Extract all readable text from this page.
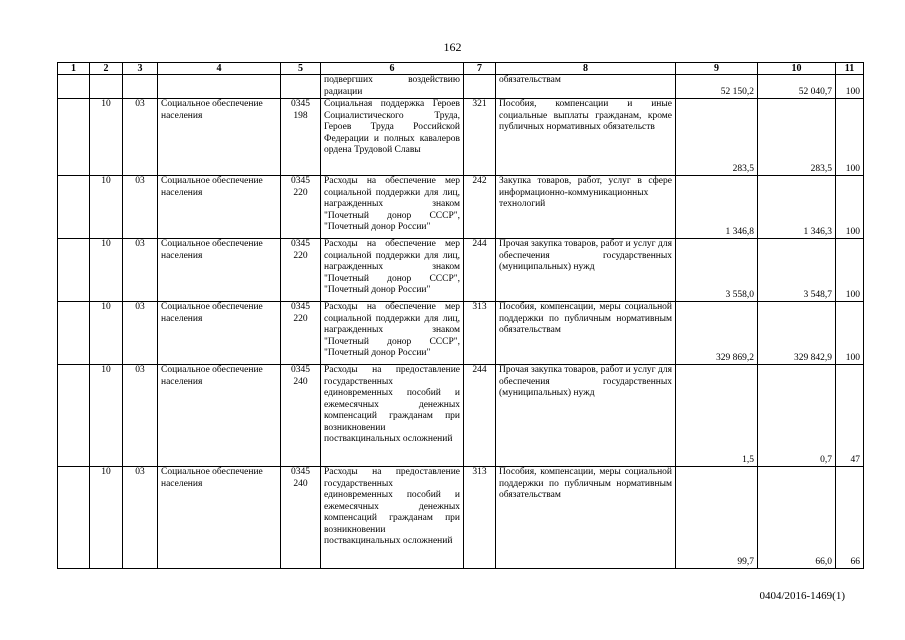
162
1	2	3	4	5	6	7	8	9	10	11
					подвергших воздействию радиации		обязательствам	52 150,2	52 040,7	100
	10	03	Социальное обеспечение населения	0345 198	Социальная поддержка Героев Социалистического Труда, Героев Труда Российской Федерации и полных кавалеров ордена Трудовой Славы	321	Пособия, компенсации и иные социальные выплаты гражданам, кроме публичных нормативных обязательств	283,5	283,5	100
	10	03	Социальное обеспечение населения	0345 220	Расходы на обеспечение мер социальной поддержки для лиц, награжденных знаком "Почетный донор СССР", "Почетный донор России"	242	Закупка товаров, работ, услуг в сфере информационно-коммуникационных технологий	1 346,8	1 346,3	100
	10	03	Социальное обеспечение населения	0345 220	Расходы на обеспечение мер социальной поддержки для лиц, награжденных знаком "Почетный донор СССР", "Почетный донор России"	244	Прочая закупка товаров, работ и услуг для обеспечения государственных (муниципальных) нужд	3 558,0	3 548,7	100
	10	03	Социальное обеспечение населения	0345 220	Расходы на обеспечение мер социальной поддержки для лиц, награжденных знаком "Почетный донор СССР", "Почетный донор России"	313	Пособия, компенсации, меры социальной поддержки по публичным нормативным обязательствам	329 869,2	329 842,9	100
	10	03	Социальное обеспечение населения	0345 240	Расходы на предоставление государственных единовременных пособий и ежемесячных денежных компенсаций гражданам при возникновении поствакцинальных осложнений	244	Прочая закупка товаров, работ и услуг для обеспечения государственных (муниципальных) нужд	1,5	0,7	47
	10	03	Социальное обеспечение населения	0345 240	Расходы на предоставление государственных единовременных пособий и ежемесячных денежных компенсаций гражданам при возникновении поствакцинальных осложнений	313	Пособия, компенсации, меры социальной поддержки по публичным нормативным обязательствам	99,7	66,0	66
0404/2016-1469(1)
